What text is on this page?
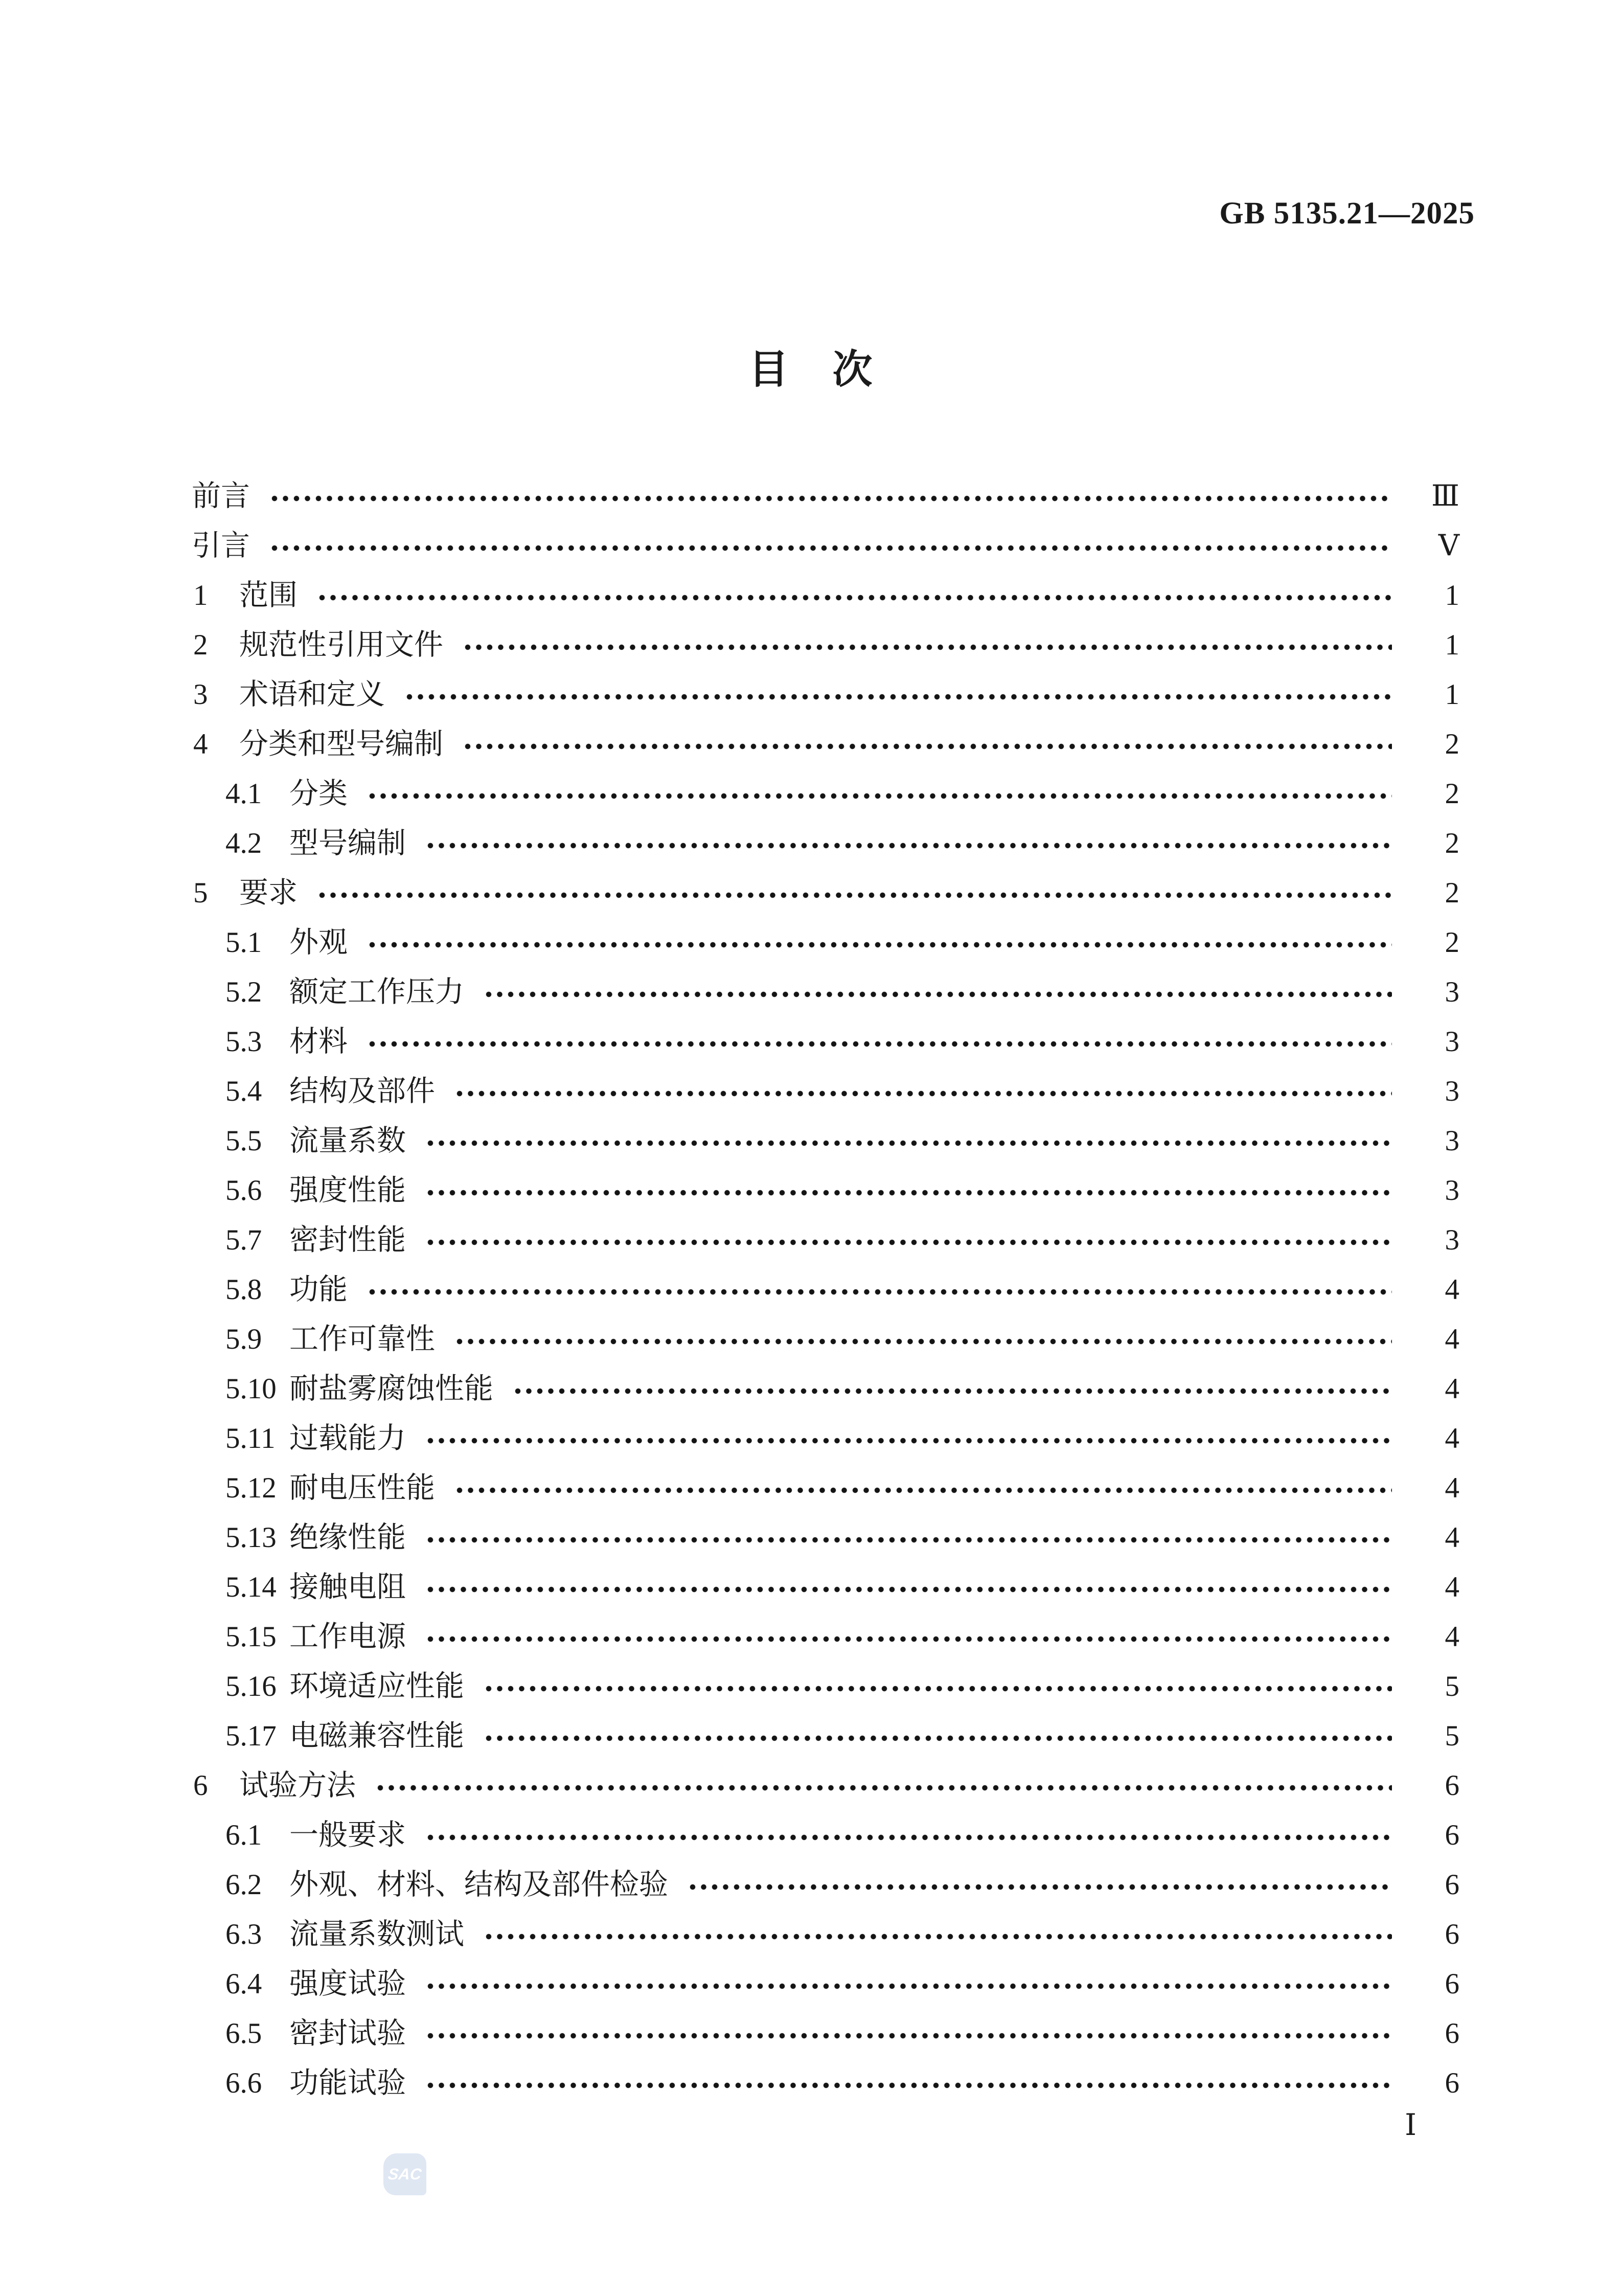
GB 5135.21—2025
目　次
前言	Ⅲ
引言	Ⅴ
1	范围	1
2	规范性引用文件	1
3	术语和定义	1
4	分类和型号编制	2
4.1 分类	2
4.2 型号编制	2
5	要求	2
5.1 外观	2
5.2 额定工作压力	3
5.3 材料	3
5.4 结构及部件	3
5.5 流量系数	3
5.6 强度性能	3
5.7 密封性能	3
5.8 功能	4
5.9 工作可靠性	4
5.10 耐盐雾腐蚀性能	4
5.11 过载能力	4
5.12 耐电压性能	4
5.13 绝缘性能	4
5.14 接触电阻	4
5.15 工作电源	4
5.16 环境适应性能	5
5.17 电磁兼容性能	5
6	试验方法	6
6.1 一般要求	6
6.2 外观、材料、结构及部件检验	6
6.3 流量系数测试	6
6.4 强度试验	6
6.5 密封试验	6
6.6 功能试验	6
SAC
Ⅰ
